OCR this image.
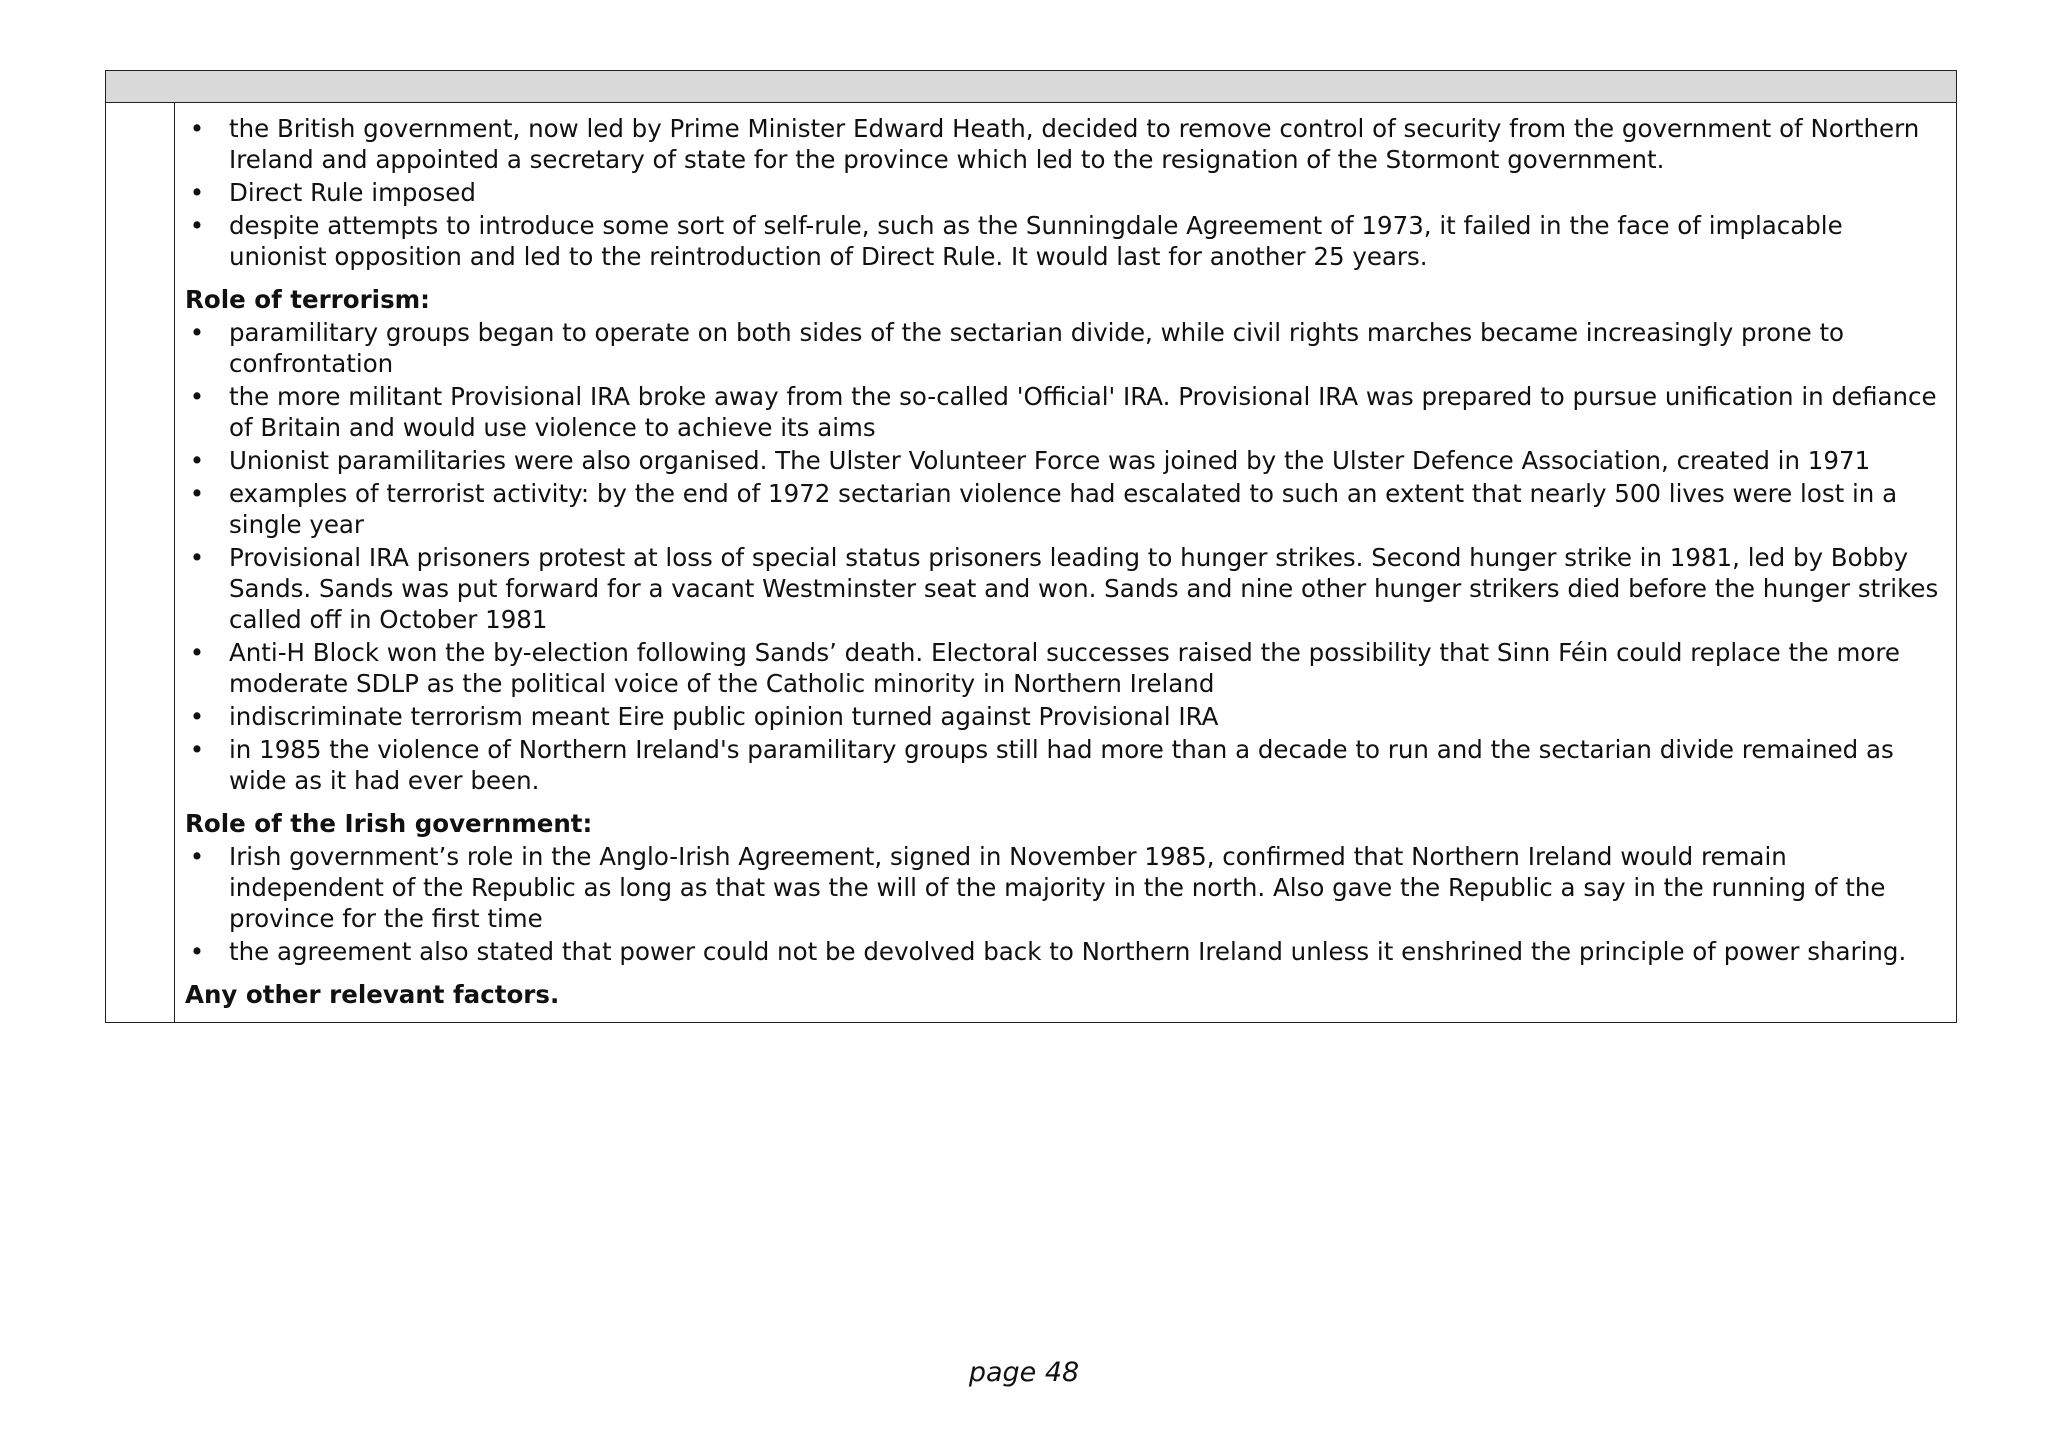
• the British government, now led by Prime Minister Edward Heath, decided to remove control of security from the government of Northern Ireland and appointed a secretary of state for the province which led to the resignation of the Stormont government.
• Direct Rule imposed
• despite attempts to introduce some sort of self-rule, such as the Sunningdale Agreement of 1973, it failed in the face of implacable unionist opposition and led to the reintroduction of Direct Rule. It would last for another 25 years.
Role of terrorism:
• paramilitary groups began to operate on both sides of the sectarian divide, while civil rights marches became increasingly prone to confrontation
• the more militant Provisional IRA broke away from the so-called 'Official' IRA. Provisional IRA was prepared to pursue unification in defiance of Britain and would use violence to achieve its aims
• Unionist paramilitaries were also organised. The Ulster Volunteer Force was joined by the Ulster Defence Association, created in 1971
• examples of terrorist activity: by the end of 1972 sectarian violence had escalated to such an extent that nearly 500 lives were lost in a single year
• Provisional IRA prisoners protest at loss of special status prisoners leading to hunger strikes. Second hunger strike in 1981, led by Bobby Sands. Sands was put forward for a vacant Westminster seat and won. Sands and nine other hunger strikers died before the hunger strikes called off in October 1981
• Anti-H Block won the by-election following Sands’ death. Electoral successes raised the possibility that Sinn Féin could replace the more moderate SDLP as the political voice of the Catholic minority in Northern Ireland
• indiscriminate terrorism meant Eire public opinion turned against Provisional IRA
• in 1985 the violence of Northern Ireland's paramilitary groups still had more than a decade to run and the sectarian divide remained as wide as it had ever been.
Role of the Irish government:
• Irish government’s role in the Anglo-Irish Agreement, signed in November 1985, confirmed that Northern Ireland would remain independent of the Republic as long as that was the will of the majority in the north. Also gave the Republic a say in the running of the province for the first time
• the agreement also stated that power could not be devolved back to Northern Ireland unless it enshrined the principle of power sharing.
Any other relevant factors.
page 48
